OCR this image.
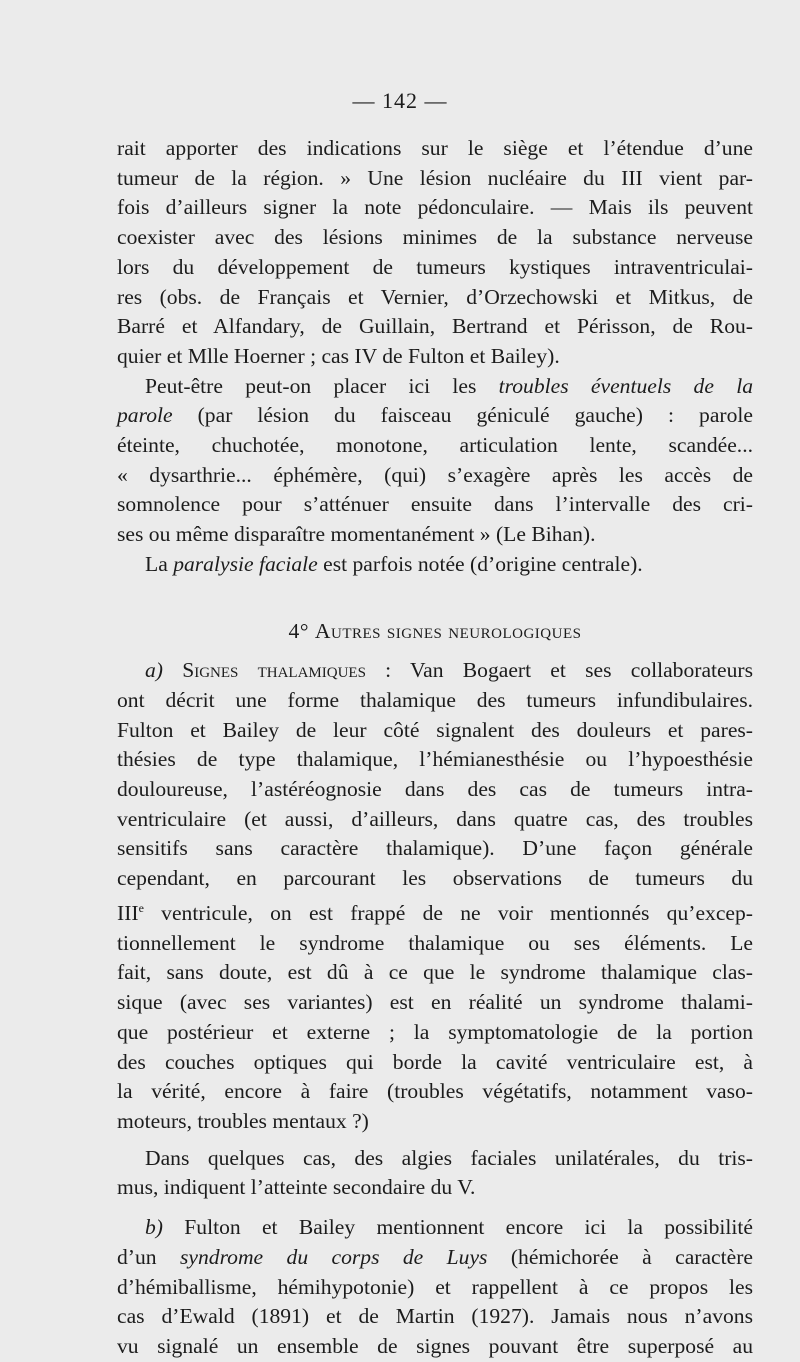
— 142 —

rait apporter des indications sur le siège et l’étendue d’une

tumeur de la région. » Une lésion nucléaire du III vient par-

fois d’ailleurs signer la note pédonculaire. — Mais ils peuvent

coexister avec des lésions minimes de la substance nerveuse

lors du développement de tumeurs kystiques intraventriculai-

res (obs. de Français et Vernier, d’Orzechowski et Mitkus, de

Barré et Alfandary, de Guillain, Bertrand et Périsson, de Rou-

quier et Mlle Hoerner ; cas IV de Fulton et Bailey).

Peut-être peut-on placer ici les troubles éventuels de la

parole (par lésion du faisceau géniculé gauche) : parole

éteinte, chuchotée, monotone, articulation lente, scandée...

« dysarthrie... éphémère, (qui) s’exagère après les accès de

somnolence pour s’atténuer ensuite dans l’intervalle des cri-

ses ou même disparaître momentanément » (Le Bihan).

La paralysie faciale est parfois notée (d’origine centrale).

4° Autres signes neurologiques

a) Signes thalamiques : Van Bogaert et ses collaborateurs

ont décrit une forme thalamique des tumeurs infundibulaires.

Fulton et Bailey de leur côté signalent des douleurs et pares-

thésies de type thalamique, l’hémianesthésie ou l’hypoesthésie

douloureuse, l’astéréognosie dans des cas de tumeurs intra-

ventriculaire (et aussi, d’ailleurs, dans quatre cas, des troubles

sensitifs sans caractère thalamique). D’une façon générale

cependant, en parcourant les observations de tumeurs du

IIIe ventricule, on est frappé de ne voir mentionnés qu’excep-

tionnellement le syndrome thalamique ou ses éléments. Le

fait, sans doute, est dû à ce que le syndrome thalamique clas-

sique (avec ses variantes) est en réalité un syndrome thalami-

que postérieur et externe ; la symptomatologie de la portion

des couches optiques qui borde la cavité ventriculaire est, à

la vérité, encore à faire (troubles végétatifs, notamment vaso-

moteurs, troubles mentaux ?)

Dans quelques cas, des algies faciales unilatérales, du tris-

mus, indiquent l’atteinte secondaire du V.

b) Fulton et Bailey mentionnent encore ici la possibilité

d’un syndrome du corps de Luys (hémichorée à caractère

d’hémiballisme, hémihypotonie) et rappellent à ce propos les

cas d’Ewald (1891) et de Martin (1927). Jamais nous n’avons

vu signalé un ensemble de signes pouvant être superposé au
